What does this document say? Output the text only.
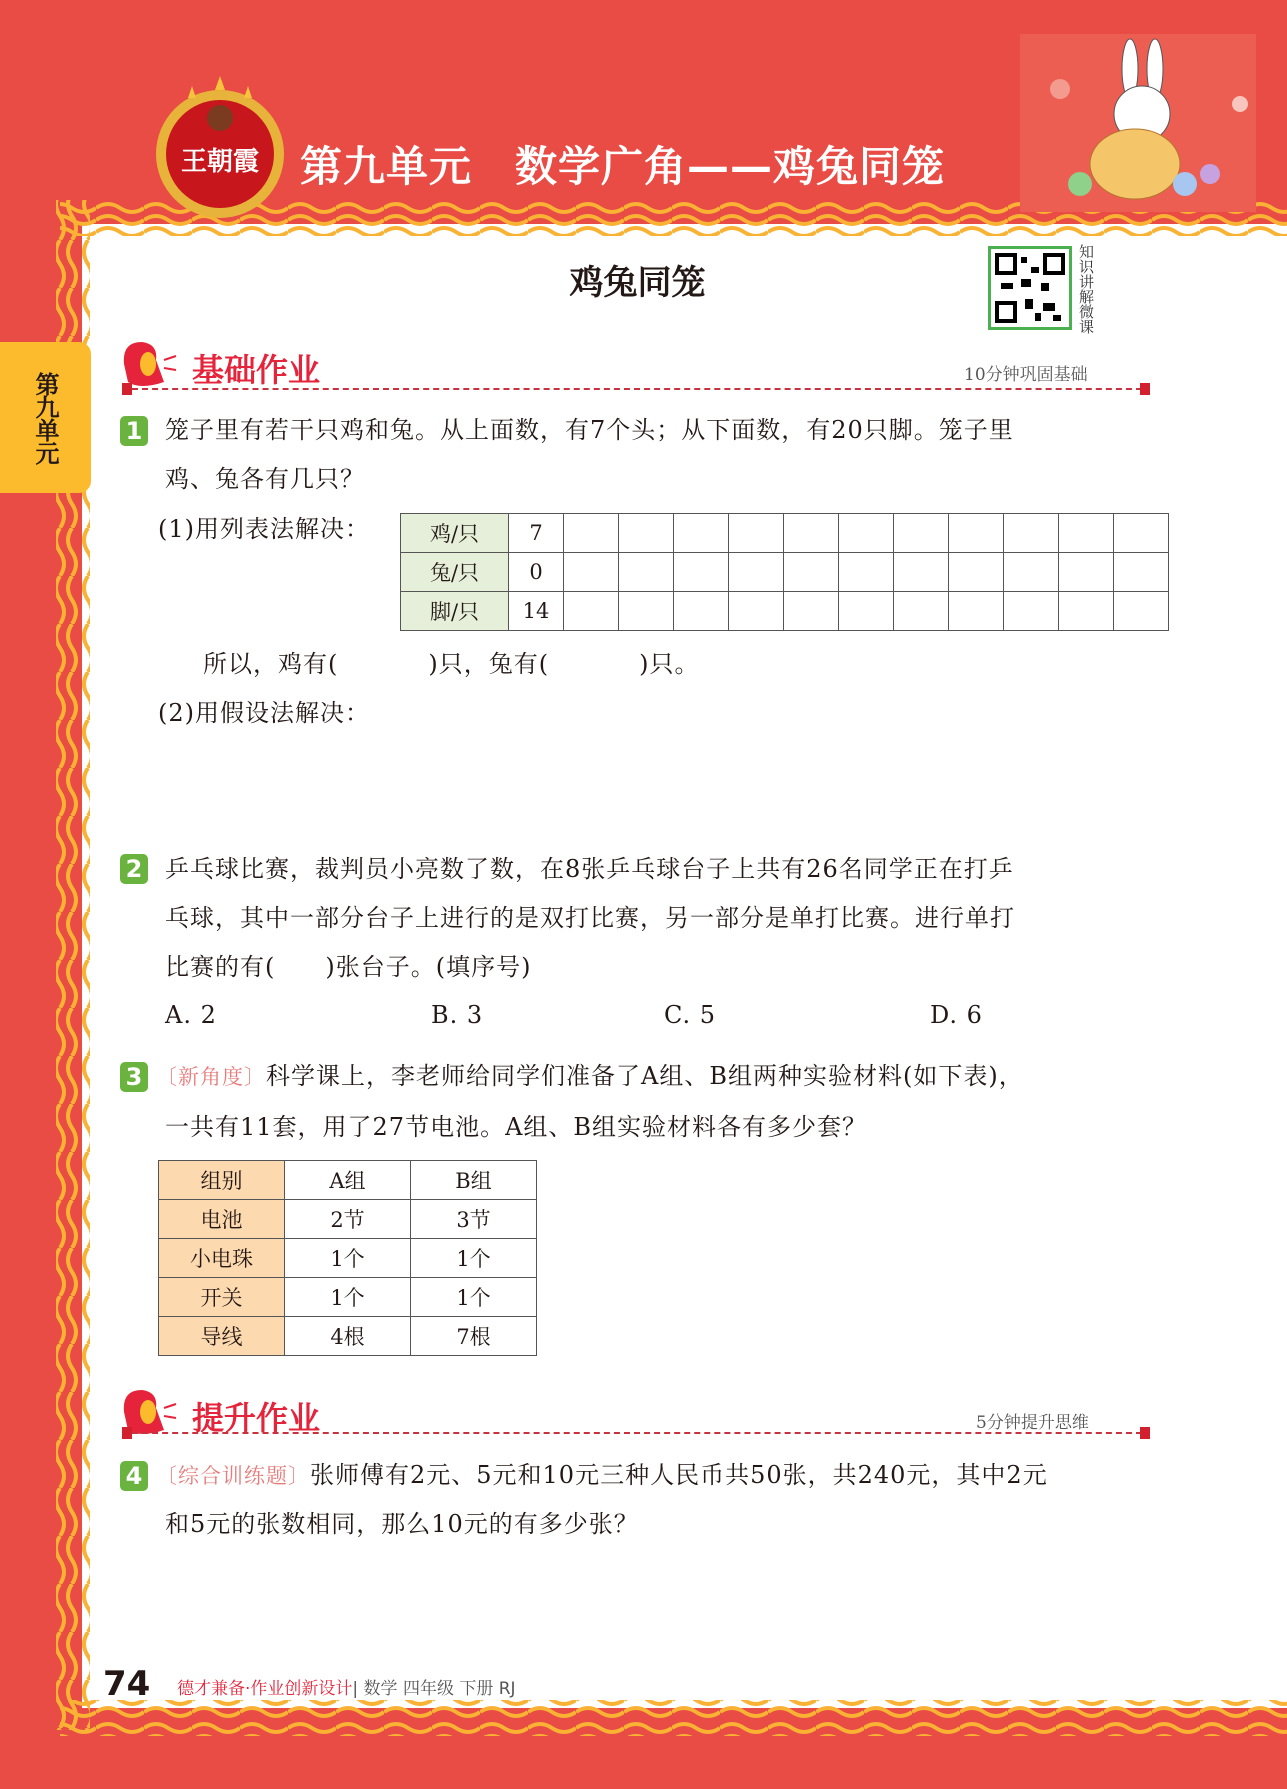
王朝霞 第九单元　数学广角——鸡兔同笼
鸡兔同笼	知识讲解微课
第九单元
基础作业	10分钟巩固基础
1 笼子里有若干只鸡和兔。从上面数，有7个头；从下面数，有20只脚。笼子里
鸡、兔各有几只？
(1)用列表法解决：	鸡/只	7											
兔/只	0											
脚/只	14											
所以，鸡有(	)只，兔有(	)只。
(2)用假设法解决：
2 乒乓球比赛，裁判员小亮数了数，在8张乒乓球台子上共有26名同学正在打乒
乓球，其中一部分台子上进行的是双打比赛，另一部分是单打比赛。进行单打
比赛的有(　　)张台子。(填序号)
A. 2	B. 3	C. 5	D. 6
3 〔新角度〕科学课上，李老师给同学们准备了A组、B组两种实验材料(如下表)，
一共有11套，用了27节电池。A组、B组实验材料各有多少套？
组别	A组	B组
电池	2节	3节
小电珠	1个	1个
开关	1个	1个
导线	4根	7根
提升作业	5分钟提升思维
4 〔综合训练题〕张师傅有2元、5元和10元三种人民币共50张，共240元，其中2元
和5元的张数相同，那么10元的有多少张？
74 德才兼备·作业创新设计| 数学 四年级 下册 RJ
